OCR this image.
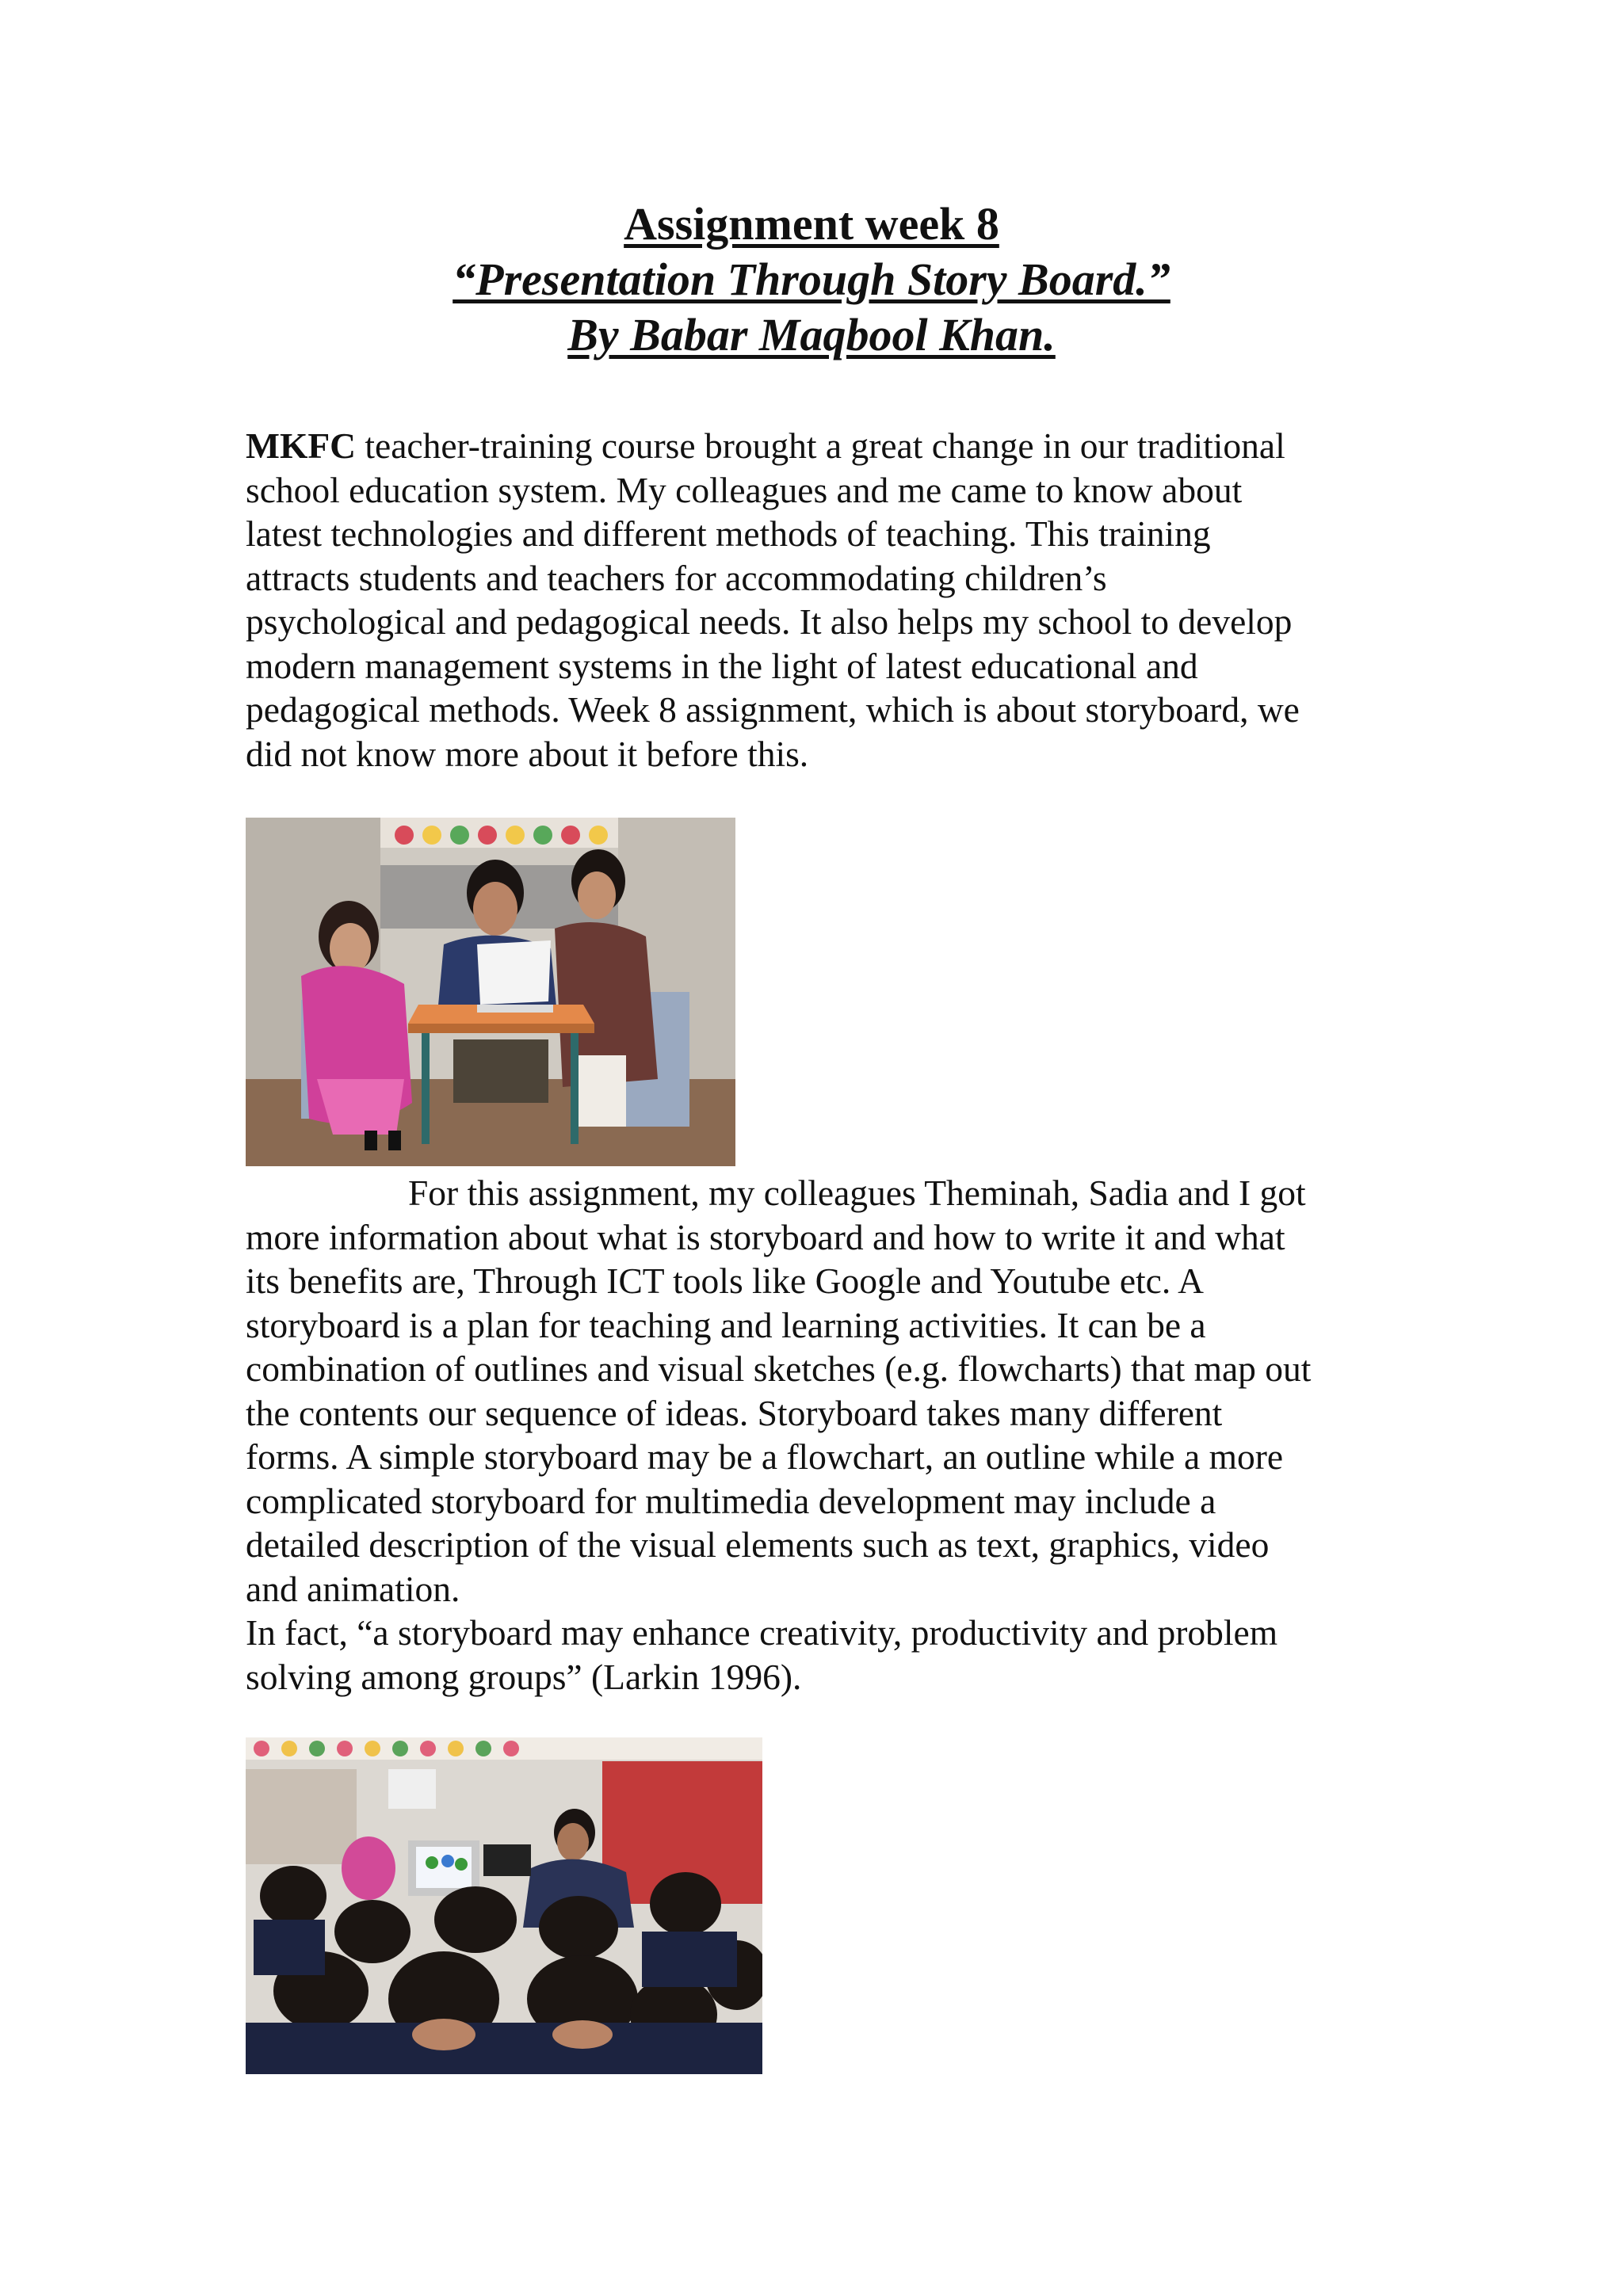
Assignment week 8
“Presentation Through Story Board.”
By Babar Maqbool Khan.
MKFC teacher-training course brought a great change in our traditional
school education system. My colleagues and me came to know about
latest technologies and different methods of teaching. This training
attracts students and teachers for accommodating children’s
psychological and pedagogical needs. It also helps my school to develop
modern management systems in the light of latest educational and
pedagogical methods. Week 8 assignment, which is about storyboard, we
did not know more about it before this.
For this assignment, my colleagues Theminah, Sadia and I got
more information about what is storyboard and how to write it and what
its benefits are, Through ICT tools like Google and Youtube etc. A
storyboard is a plan for teaching and learning activities. It can be a
combination of outlines and visual sketches (e.g. flowcharts) that map out
the contents our sequence of ideas. Storyboard takes many different
forms. A simple storyboard may be a flowchart, an outline while a more
complicated storyboard for multimedia development may include a
detailed description of the visual elements such as text, graphics, video
and animation.
In fact, “a storyboard may enhance creativity, productivity and problem
solving among groups” (Larkin 1996).
